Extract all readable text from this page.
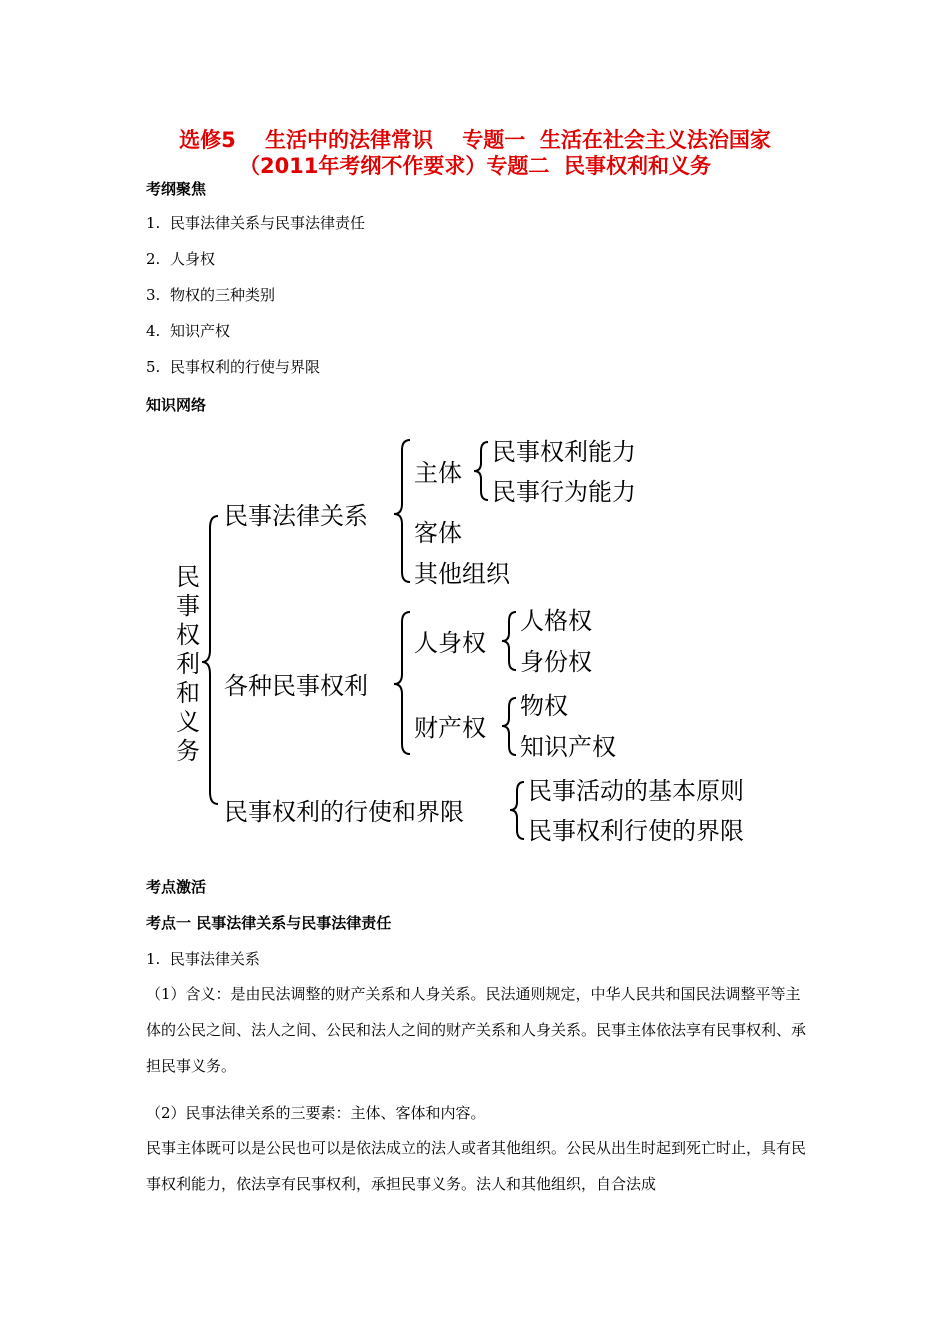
选修5    生活中的法律常识    专题一  生活在社会主义法治国家
（2011年考纲不作要求）专题二  民事权利和义务
考纲聚焦
1. 民事法律关系与民事法律责任
2. 人身权
3. 物权的三种类别
4. 知识产权
5. 民事权利的行使与界限
知识网络
民
事
权
利
和
义
务
民事法律关系
主体
民事权利能力
民事行为能力
客体
其他组织
各种民事权利
人身权
人格权
身份权
财产权
物权
知识产权
民事权利的行使和界限
民事活动的基本原则
民事权利行使的界限
考点激活
考点一 民事法律关系与民事法律责任
1.  民事法律关系
（1）含义：是由民法调整的财产关系和人身关系。民法通则规定，中华人民共和国民法调整平等主体的公民之间、法人之间、公民和法人之间的财产关系和人身关系。民事主体依法享有民事权利、承担民事义务。
（2）民事法律关系的三要素：主体、客体和内容。
民事主体既可以是公民也可以是依法成立的法人或者其他组织。公民从出生时起到死亡时止，具有民事权利能力，依法享有民事权利，承担民事义务。法人和其他组织，自合法成
